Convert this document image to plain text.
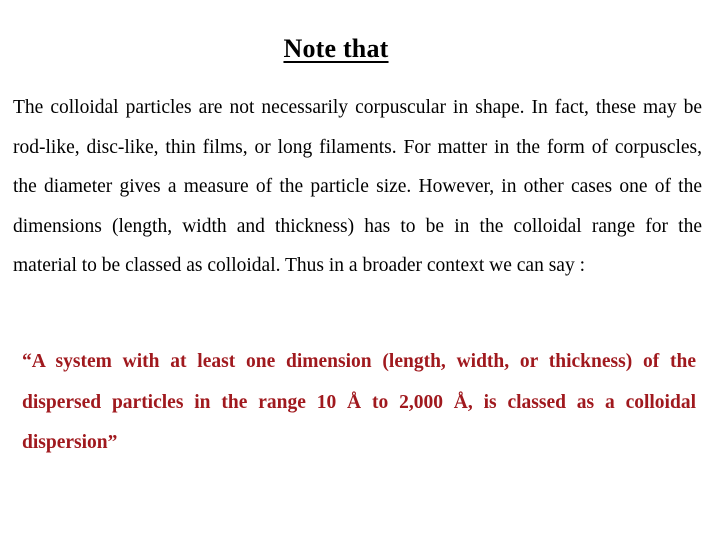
Note that

The colloidal particles are not necessarily corpuscular in shape. In fact, these may be rod-like, disc-like, thin films, or long filaments. For matter in the form of corpuscles, the diameter gives a measure of the particle size. However, in other cases one of the dimensions (length, width and thickness) has to be in the colloidal range for the material to be classed as colloidal. Thus in a broader context we can say :

“A system with at least one dimension (length, width, or thickness) of the dispersed particles in the range 10 Å to 2,000 Å, is classed as a colloidal dispersion”
